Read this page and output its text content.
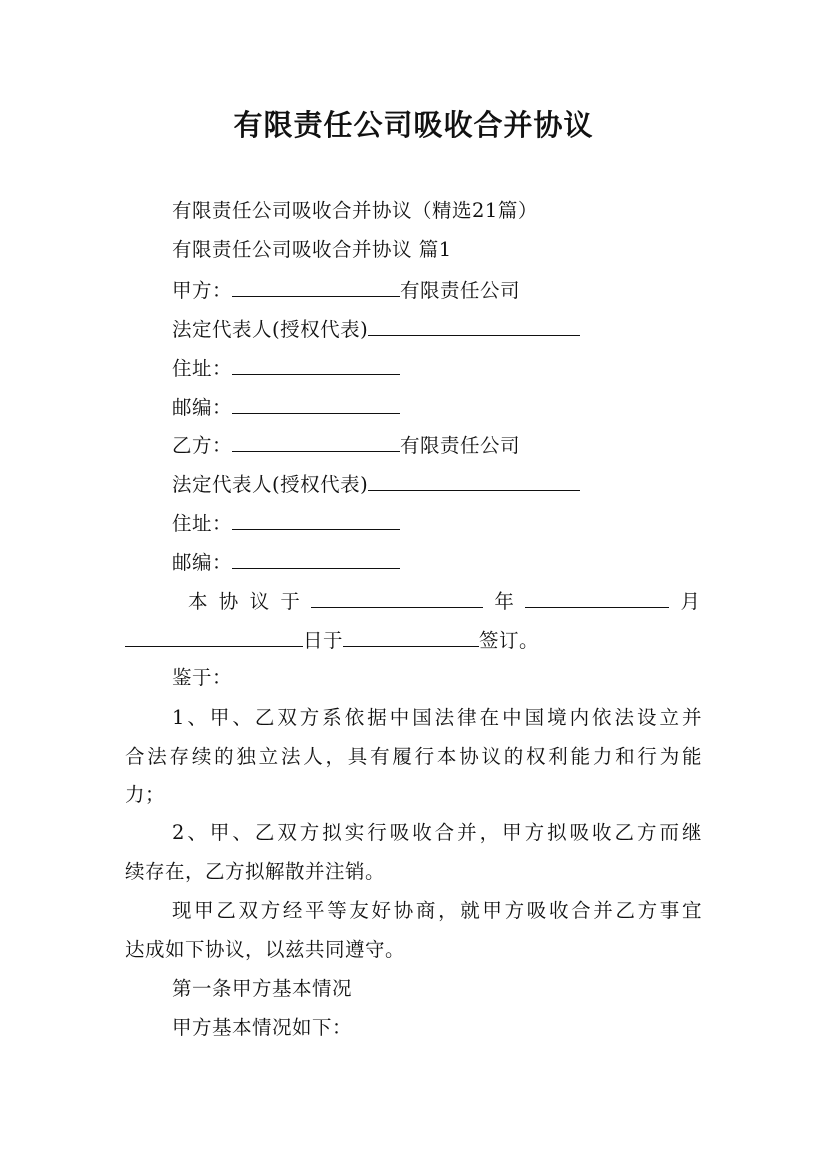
有限责任公司吸收合并协议
有限责任公司吸收合并协议（精选21篇）
有限责任公司吸收合并协议 篇1
甲方：	有限责任公司
法定代表人(授权代表)
住址：
邮编：
乙方：	有限责任公司
法定代表人(授权代表)
住址：
邮编：
本 协 议 于	年	月
日于	签订。
鉴于：
1、甲、乙双方系依据中国法律在中国境内依法设立并
合法存续的独立法人，具有履行本协议的权利能力和行为能
力；
2、甲、乙双方拟实行吸收合并，甲方拟吸收乙方而继
续存在，乙方拟解散并注销。
现甲乙双方经平等友好协商，就甲方吸收合并乙方事宜
达成如下协议，以兹共同遵守。
第一条甲方基本情况
甲方基本情况如下：
